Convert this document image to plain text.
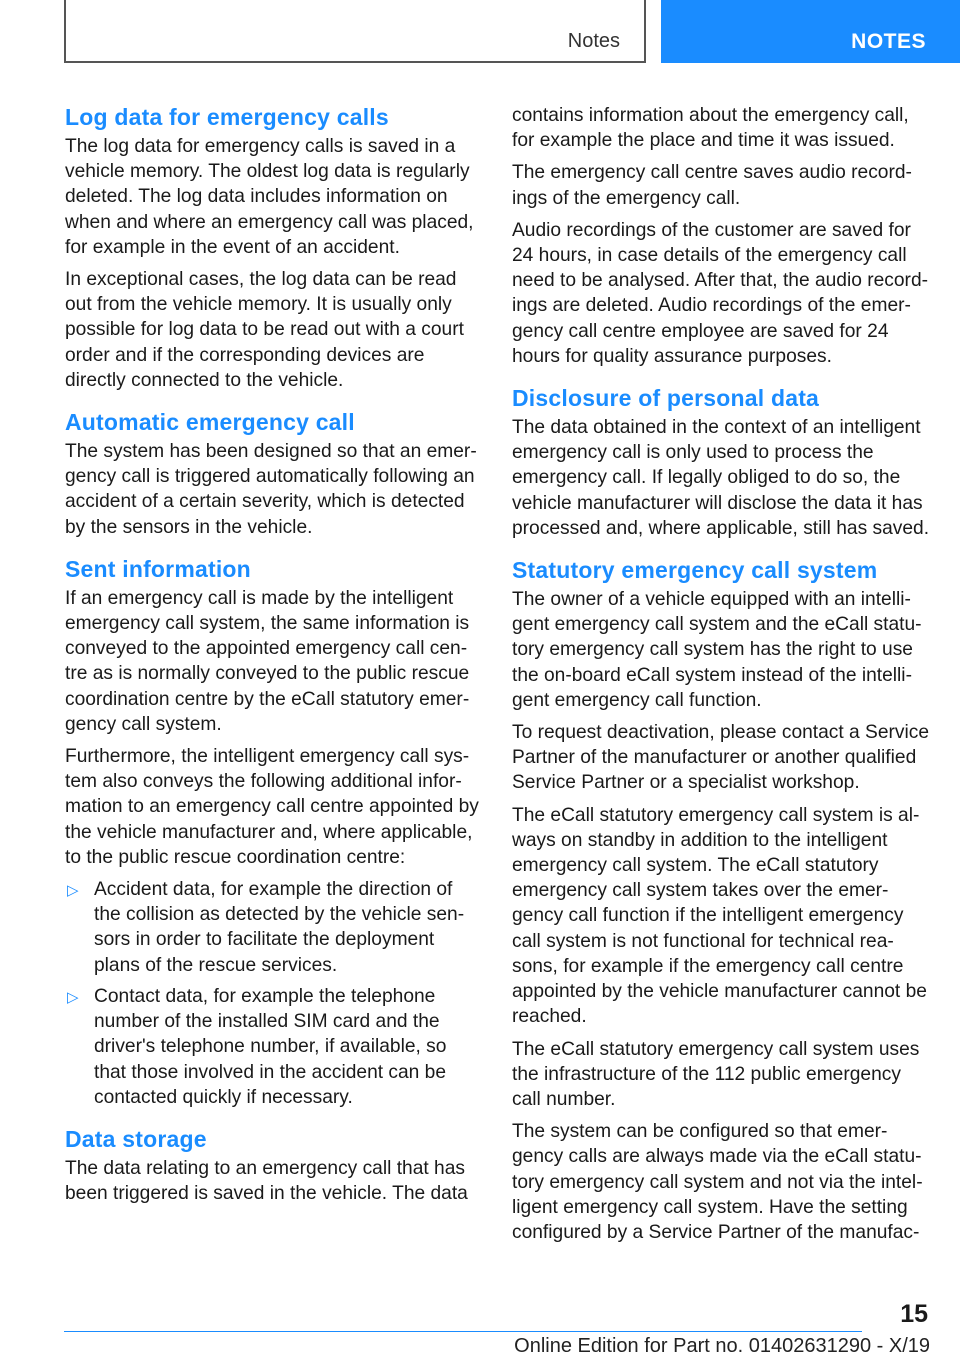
Notes	NOTES
Log data for emergency calls

The log data for emergency calls is saved in a vehicle memory. The oldest log data is regularly deleted. The log data includes information on when and where an emergency call was placed, for example in the event of an accident.

In exceptional cases, the log data can be read out from the vehicle memory. It is usually only possible for log data to be read out with a court order and if the corresponding devices are directly connected to the vehicle.

Automatic emergency call

The system has been designed so that an emergency call is triggered automatically following an accident of a certain severity, which is detected by the sensors in the vehicle.

Sent information

If an emergency call is made by the intelligent emergency call system, the same information is conveyed to the appointed emergency call centre as is normally conveyed to the public rescue coordination centre by the eCall statutory emergency call system.

Furthermore, the intelligent emergency call system also conveys the following additional information to an emergency call centre appointed by the vehicle manufacturer and, where applicable, to the public rescue coordination centre:

▷ Accident data, for example the direction of the collision as detected by the vehicle sensors in order to facilitate the deployment plans of the rescue services.
▷ Contact data, for example the telephone number of the installed SIM card and the driver's telephone number, if available, so that those involved in the accident can be contacted quickly if necessary.
Data storage

The data relating to an emergency call that has been triggered is saved in the vehicle. The data

contains information about the emergency call, for example the place and time it was issued.

The emergency call centre saves audio recordings of the emergency call.

Audio recordings of the customer are saved for 24 hours, in case details of the emergency call need to be analysed. After that, the audio recordings are deleted. Audio recordings of the emergency call centre employee are saved for 24 hours for quality assurance purposes.

Disclosure of personal data

The data obtained in the context of an intelligent emergency call is only used to process the emergency call. If legally obliged to do so, the vehicle manufacturer will disclose the data it has processed and, where applicable, still has saved.

Statutory emergency call system

The owner of a vehicle equipped with an intelligent emergency call system and the eCall statutory emergency call system has the right to use the on-board eCall system instead of the intelligent emergency call function.

To request deactivation, please contact a Service Partner of the manufacturer or another qualified Service Partner or a specialist workshop.

The eCall statutory emergency call system is always on standby in addition to the intelligent emergency call system. The eCall statutory emergency call system takes over the emergency call function if the intelligent emergency call system is not functional for technical reasons, for example if the emergency call centre appointed by the vehicle manufacturer cannot be reached.

The eCall statutory emergency call system uses the infrastructure of the 112 public emergency call number.

The system can be configured so that emergency calls are always made via the eCall statutory emergency call system and not via the intelligent emergency call system. Have the setting configured by a Service Partner of the manufac-

15
Online Edition for Part no. 01402631290 - X/19
